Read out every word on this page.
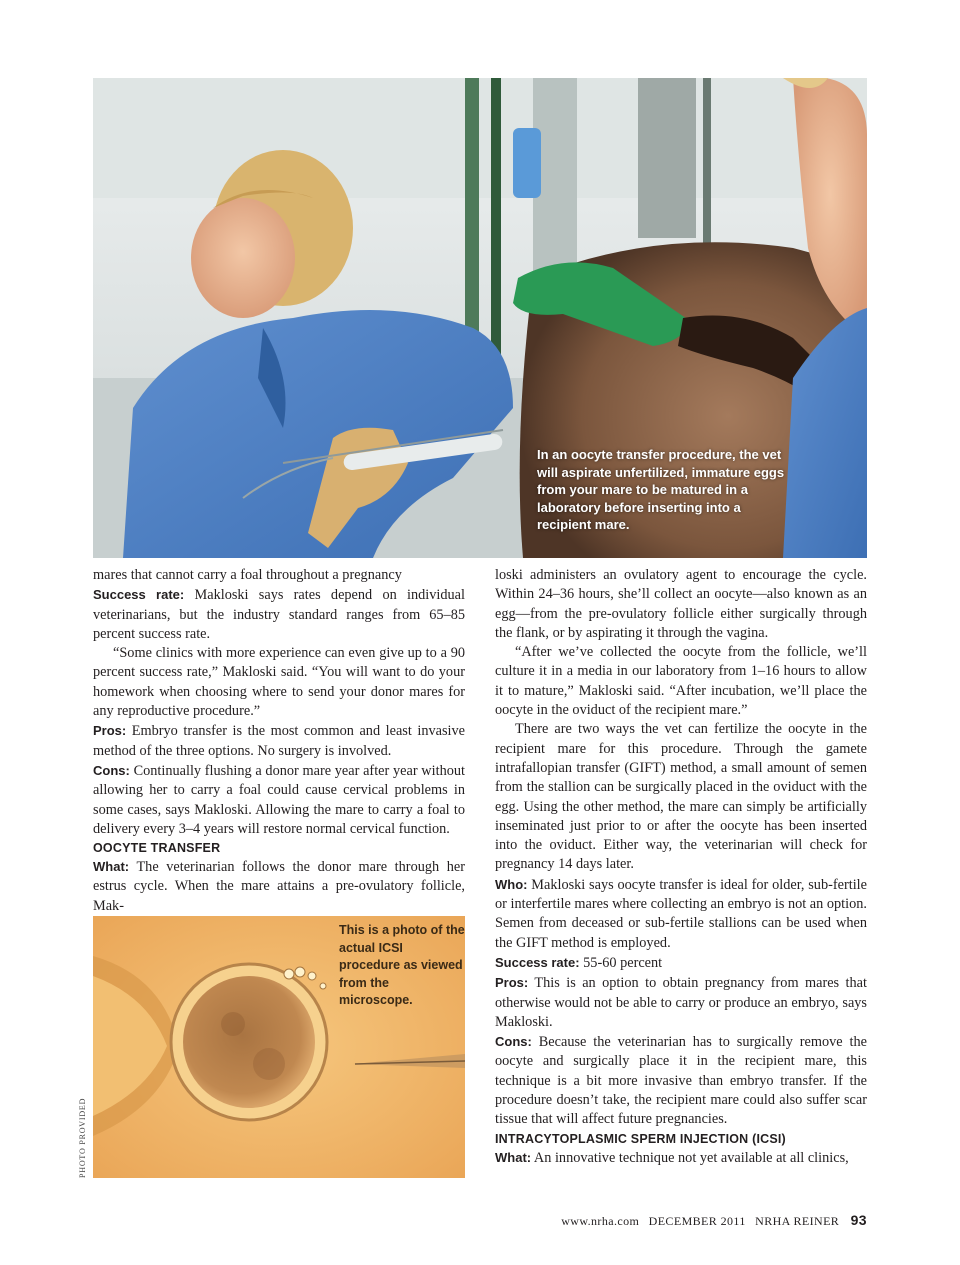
In an oocyte transfer procedure, the vet will aspirate unfertilized, immature eggs from your mare to be matured in a laboratory before inserting into a recipient mare.

mares that cannot carry a foal throughout a pregnancy

Success rate: Makloski says rates depend on individual veterinarians, but the industry standard ranges from 65–85 percent success rate.

“Some clinics with more experience can even give up to a 90 percent success rate,” Makloski said. “You will want to do your homework when choosing where to send your donor mares for any reproductive procedure.”

Pros: Embryo transfer is the most common and least invasive method of the three options. No surgery is involved.

Cons: Continually flushing a donor mare year after year without allowing her to carry a foal could cause cervical problems in some cases, says Makloski. Allowing the mare to carry a foal to delivery every 3–4 years will restore normal cervical function.

OOCYTE TRANSFER

What: The veterinarian follows the donor mare through her estrus cycle. When the mare attains a pre-ovulatory follicle, Mak-

This is a photo of the actual ICSI procedure as viewed from the microscope.
PHOTO PROVIDED

loski administers an ovulatory agent to encourage the cycle. Within 24–36 hours, she’ll collect an oocyte—also known as an egg—from the pre-ovulatory follicle either surgically through the flank, or by aspirating it through the vagina.

“After we’ve collected the oocyte from the follicle, we’ll culture it in a media in our laboratory from 1–16 hours to allow it to mature,” Makloski said. “After incubation, we’ll place the oocyte in the oviduct of the recipient mare.”

There are two ways the vet can fertilize the oocyte in the recipient mare for this procedure. Through the gamete intrafallopian transfer (GIFT) method, a small amount of semen from the stallion can be surgically placed in the oviduct with the egg. Using the other method, the mare can simply be artificially inseminated just prior to or after the oocyte has been inserted into the oviduct. Either way, the veterinarian will check for pregnancy 14 days later.

Who: Makloski says oocyte transfer is ideal for older, sub-fertile or interfertile mares where collecting an embryo is not an option. Semen from deceased or sub-fertile stallions can be used when the GIFT method is employed.

Success rate: 55-60 percent

Pros: This is an option to obtain pregnancy from mares that otherwise would not be able to carry or produce an embryo, says Makloski.

Cons: Because the veterinarian has to surgically remove the oocyte and surgically place it in the recipient mare, this technique is a bit more invasive than embryo transfer. If the procedure doesn’t take, the recipient mare could also suffer scar tissue that will affect future pregnancies.

INTRACYTOPLASMIC SPERM INJECTION (ICSI)

What: An innovative technique not yet available at all clinics,

www.nrha.com DECEMBER 2011 NRHA REINER 93
